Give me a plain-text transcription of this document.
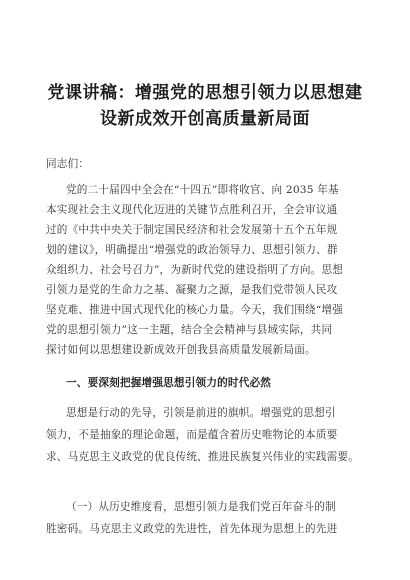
党课讲稿：增强党的思想引领力以思想建
设新成效开创高质量新局面
同志们：
党的二十届四中全会在“十四五”即将收官、向 2035 年基
本实现社会主义现代化迈进的关键节点胜利召开，全会审议通
过的《中共中央关于制定国民经济和社会发展第十五个五年规
划的建议》，明确提出“增强党的政治领导力、思想引领力、群
众组织力、社会号召力”，为新时代党的建设指明了方向。思想
引领力是党的生命力之基、凝聚力之源，是我们党带领人民攻
坚克难、推进中国式现代化的核心力量。今天，我们围绕“增强
党的思想引领力”这一主题，结合全会精神与县域实际，共同
探讨如何以思想建设新成效开创我县高质量发展新局面。
一、要深刻把握增强思想引领力的时代必然
思想是行动的先导，引领是前进的旗帜。增强党的思想引
领力，不是抽象的理论命题，而是蕴含着历史唯物论的本质要
求、马克思主义政党的优良传统、推进民族复兴伟业的实践需要。
（一）从历史维度看，思想引领力是我们党百年奋斗的制
胜密码。马克思主义政党的先进性，首先体现为思想上的先进
